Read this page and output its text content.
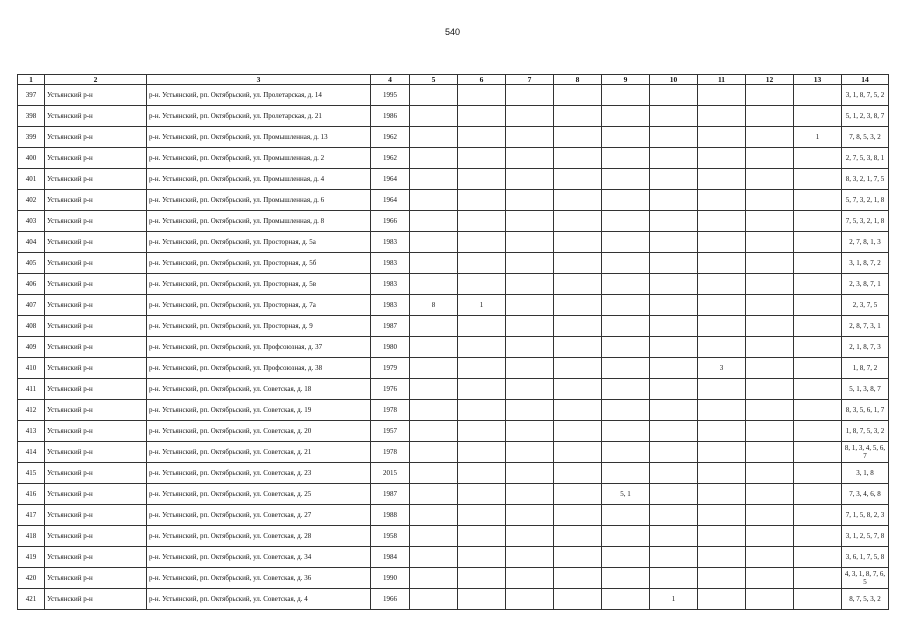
540
1	2	3	4	5	6	7	8	9	10	11	12	13	14
397	Устьянский р-н	р-н. Устьянский, рп. Октябрьский, ул. Пролетарская, д. 14	1995										3, 1, 8, 7, 5, 2
398	Устьянский р-н	р-н. Устьянский, рп. Октябрьский, ул. Пролетарская, д. 21	1986										5, 1, 2, 3, 8, 7
399	Устьянский р-н	р-н. Устьянский, рп. Октябрьский, ул. Промышленная, д. 13	1962									1	7, 8, 5, 3, 2
400	Устьянский р-н	р-н. Устьянский, рп. Октябрьский, ул. Промышленная, д. 2	1962										2, 7, 5, 3, 8, 1
401	Устьянский р-н	р-н. Устьянский, рп. Октябрьский, ул. Промышленная, д. 4	1964										8, 3, 2, 1, 7, 5
402	Устьянский р-н	р-н. Устьянский, рп. Октябрьский, ул. Промышленная, д. 6	1964										5, 7, 3, 2, 1, 8
403	Устьянский р-н	р-н. Устьянский, рп. Октябрьский, ул. Промышленная, д. 8	1966										7, 5, 3, 2, 1, 8
404	Устьянский р-н	р-н. Устьянский, рп. Октябрьский, ул. Просторная, д. 5а	1983										2, 7, 8, 1, 3
405	Устьянский р-н	р-н. Устьянский, рп. Октябрьский, ул. Просторная, д. 5б	1983										3, 1, 8, 7, 2
406	Устьянский р-н	р-н. Устьянский, рп. Октябрьский, ул. Просторная, д. 5в	1983										2, 3, 8, 7, 1
407	Устьянский р-н	р-н. Устьянский, рп. Октябрьский, ул. Просторная, д. 7а	1983	8	1								2, 3, 7, 5
408	Устьянский р-н	р-н. Устьянский, рп. Октябрьский, ул. Просторная, д. 9	1987										2, 8, 7, 3, 1
409	Устьянский р-н	р-н. Устьянский, рп. Октябрьский, ул. Профсоюзная, д. 37	1980										2, 1, 8, 7, 3
410	Устьянский р-н	р-н. Устьянский, рп. Октябрьский, ул. Профсоюзная, д. 38	1979							3			1, 8, 7, 2
411	Устьянский р-н	р-н. Устьянский, рп. Октябрьский, ул. Советская, д. 18	1976										5, 1, 3, 8, 7
412	Устьянский р-н	р-н. Устьянский, рп. Октябрьский, ул. Советская, д. 19	1978										8, 3, 5, 6, 1, 7
413	Устьянский р-н	р-н. Устьянский, рп. Октябрьский, ул. Советская, д. 20	1957										1, 8, 7, 5, 3, 2
414	Устьянский р-н	р-н. Устьянский, рп. Октябрьский, ул. Советская, д. 21	1978										8, 1, 3, 4, 5, 6, 7
415	Устьянский р-н	р-н. Устьянский, рп. Октябрьский, ул. Советская, д. 23	2015										3, 1, 8
416	Устьянский р-н	р-н. Устьянский, рп. Октябрьский, ул. Советская, д. 25	1987					5, 1					7, 3, 4, 6, 8
417	Устьянский р-н	р-н. Устьянский, рп. Октябрьский, ул. Советская, д. 27	1988										7, 1, 5, 8, 2, 3
418	Устьянский р-н	р-н. Устьянский, рп. Октябрьский, ул. Советская, д. 28	1958										3, 1, 2, 5, 7, 8
419	Устьянский р-н	р-н. Устьянский, рп. Октябрьский, ул. Советская, д. 34	1984										3, 6, 1, 7, 5, 8
420	Устьянский р-н	р-н. Устьянский, рп. Октябрьский, ул. Советская, д. 36	1990										4, 3, 1, 8, 7, 6, 5
421	Устьянский р-н	р-н. Устьянский, рп. Октябрьский, ул. Советская, д. 4	1966						1				8, 7, 5, 3, 2
